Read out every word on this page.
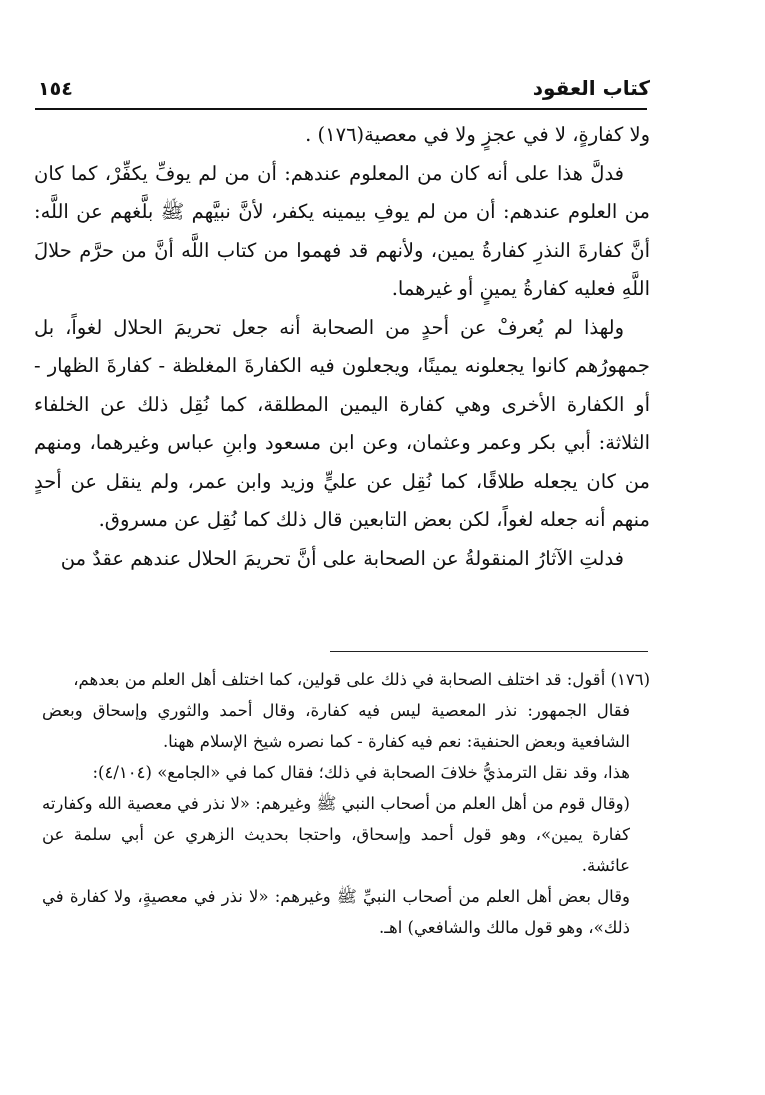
١٥٤	كتاب العقود

ولا كفارةٍ، لا في عجزٍ ولا في معصية(١٧٦) .

فدلَّ هذا على أنه كان من المعلوم عندهم: أن من لم يوفِّ يكفِّرْ، كما كان من العلوم عندهم: أن من لم يوفِ بيمينه يكفر، لأنَّ نبيَّهم ﷺ بلَّغهم عن اللَّه: أنَّ كفارةَ النذرِ كفارةُ يمين، ولأنهم قد فهموا من كتاب اللَّه أنَّ من حرَّم حلالَ اللَّهِ فعليه كفارةُ يمينٍ أو غيرهما.

ولهذا لم يُعرفْ عن أحدٍ من الصحابة أنه جعل تحريمَ الحلال لغواً، بل جمهورُهم كانوا يجعلونه يمينًا، ويجعلون فيه الكفارةَ المغلظة - كفارةَ الظهار - أو الكفارة الأخرى وهي كفارة اليمين المطلقة، كما نُقِل ذلك عن الخلفاء الثلاثة: أبي بكر وعمر وعثمان، وعن ابن مسعود وابنِ عباس وغيرهما، ومنهم من كان يجعله طلاقًا، كما نُقِل عن عليٍّ وزيد وابن عمر، ولم ينقل عن أحدٍ منهم أنه جعله لغواً، لكن بعض التابعين قال ذلك كما نُقِل عن مسروق.

فدلتِ الآثارُ المنقولةُ عن الصحابة على أنَّ تحريمَ الحلال عندهم عقدٌ من

(١٧٦) أقول: قد اختلف الصحابة في ذلك على قولين، كما اختلف أهل العلم من بعدهم،

فقال الجمهور: نذر المعصية ليس فيه كفارة، وقال أحمد والثوري وإسحاق وبعض الشافعية وبعض الحنفية: نعم فيه كفارة - كما نصره شيخ الإسلام ههنا.

هذا، وقد نقل الترمذيُّ خلافَ الصحابة في ذلك؛ فقال كما في «الجامع» (٤/١٠٤):

(وقال قوم من أهل العلم من أصحاب النبي ﷺ وغيرهم: «لا نذر في معصية الله وكفارته كفارة يمين»، وهو قول أحمد وإسحاق، واحتجا بحديث الزهري عن أبي سلمة عن عائشة.

وقال بعض أهل العلم من أصحاب النبيِّ ﷺ وغيرهم: «لا نذر في معصيةٍ، ولا كفارة في ذلك»، وهو قول مالك والشافعي) اهـ.
